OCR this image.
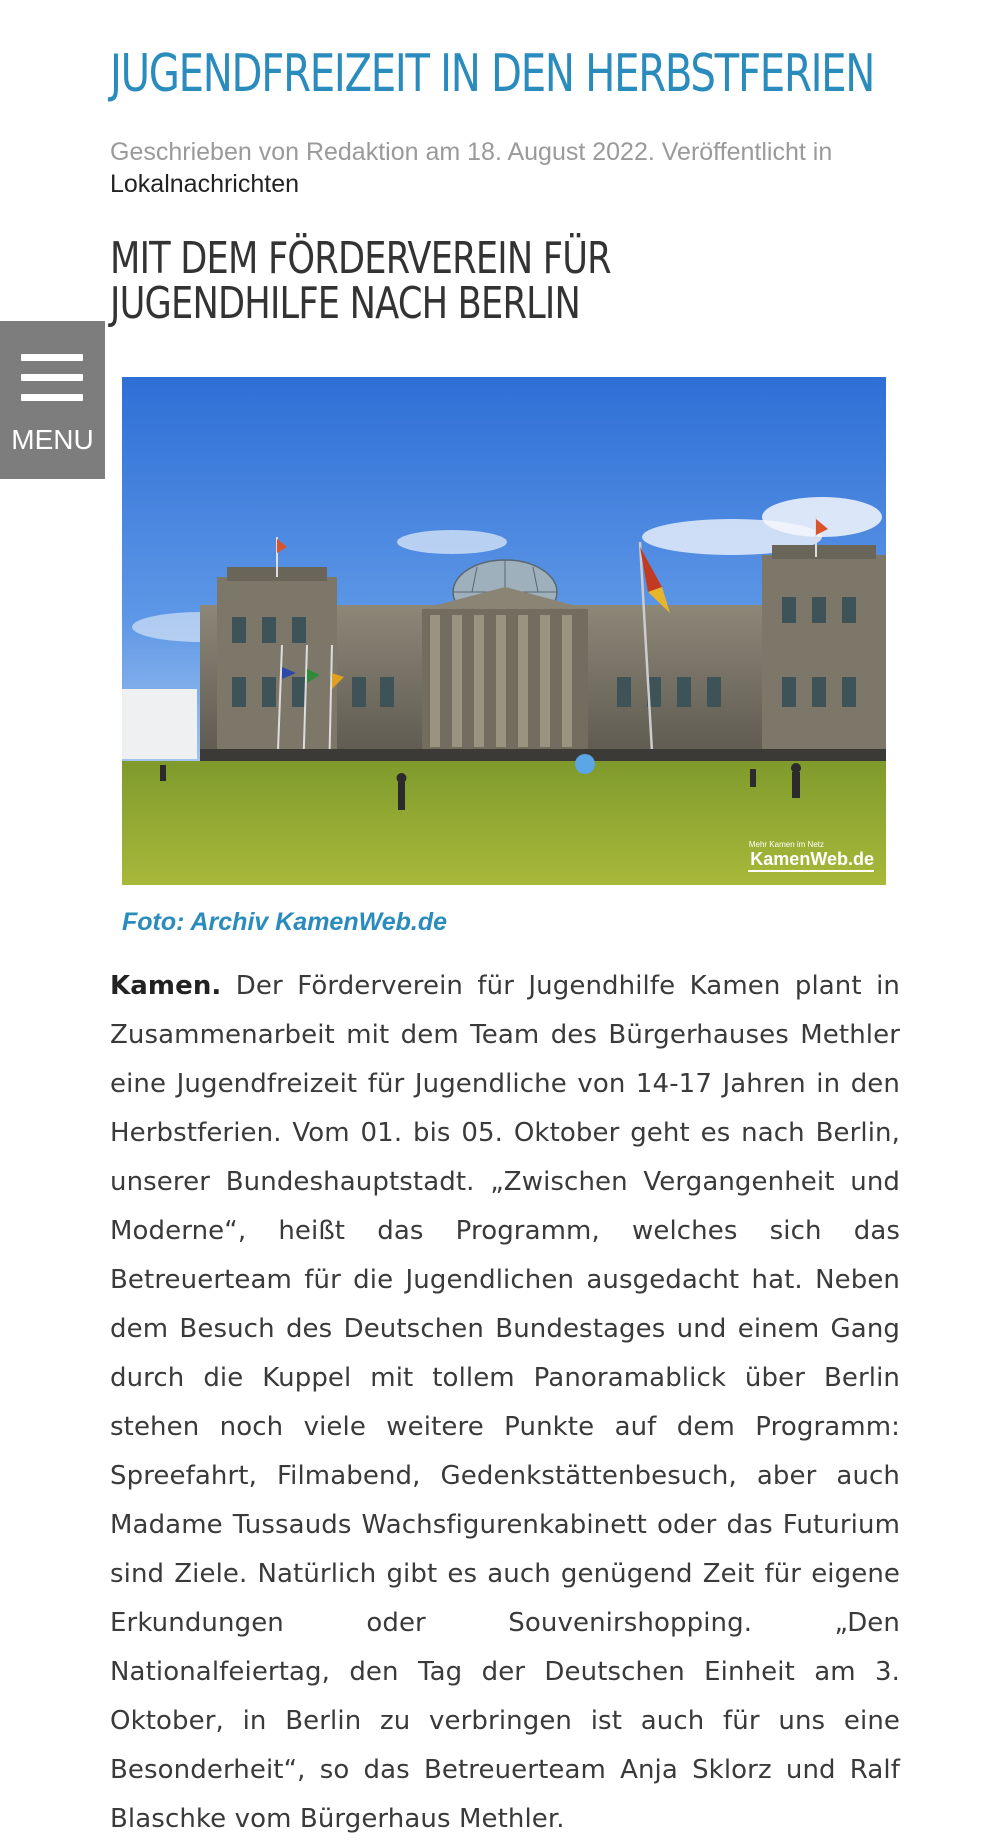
MENU
JUGENDFREIZEIT IN DEN HERBSTFERIEN
Geschrieben von Redaktion am 18. August 2022. Veröffentlicht in
Lokalnachrichten
MIT DEM FÖRDERVEREIN FÜR JUGENDHILFE NACH BERLIN
Mehr Kamen im Netz
KamenWeb.de
Foto: Archiv KamenWeb.de

Kamen. Der Förderverein für Jugendhilfe Kamen plant in Zusammenarbeit mit dem Team des Bürgerhauses Methler eine Jugendfreizeit für Jugendliche von 14-17 Jahren in den Herbstferien. Vom 01. bis 05. Oktober geht es nach Berlin, unserer Bundeshauptstadt. „Zwischen Vergangenheit und Moderne“, heißt das Programm, welches sich das Betreuerteam für die Jugendlichen ausgedacht hat. Neben dem Besuch des Deutschen Bundestages und einem Gang durch die Kuppel mit tollem Panoramablick über Berlin stehen noch viele weitere Punkte auf dem Programm: Spreefahrt, Filmabend, Gedenkstättenbesuch, aber auch Madame Tussauds Wachsfigurenkabinett oder das Futurium sind Ziele. Natürlich gibt es auch genügend Zeit für eigene Erkundungen oder Souvenirshopping. „Den Nationalfeiertag, den Tag der Deutschen Einheit am 3. Oktober, in Berlin zu verbringen ist auch für uns eine Besonderheit“, so das Betreuerteam Anja Sklorz und Ralf Blaschke vom Bürgerhaus Methler.
